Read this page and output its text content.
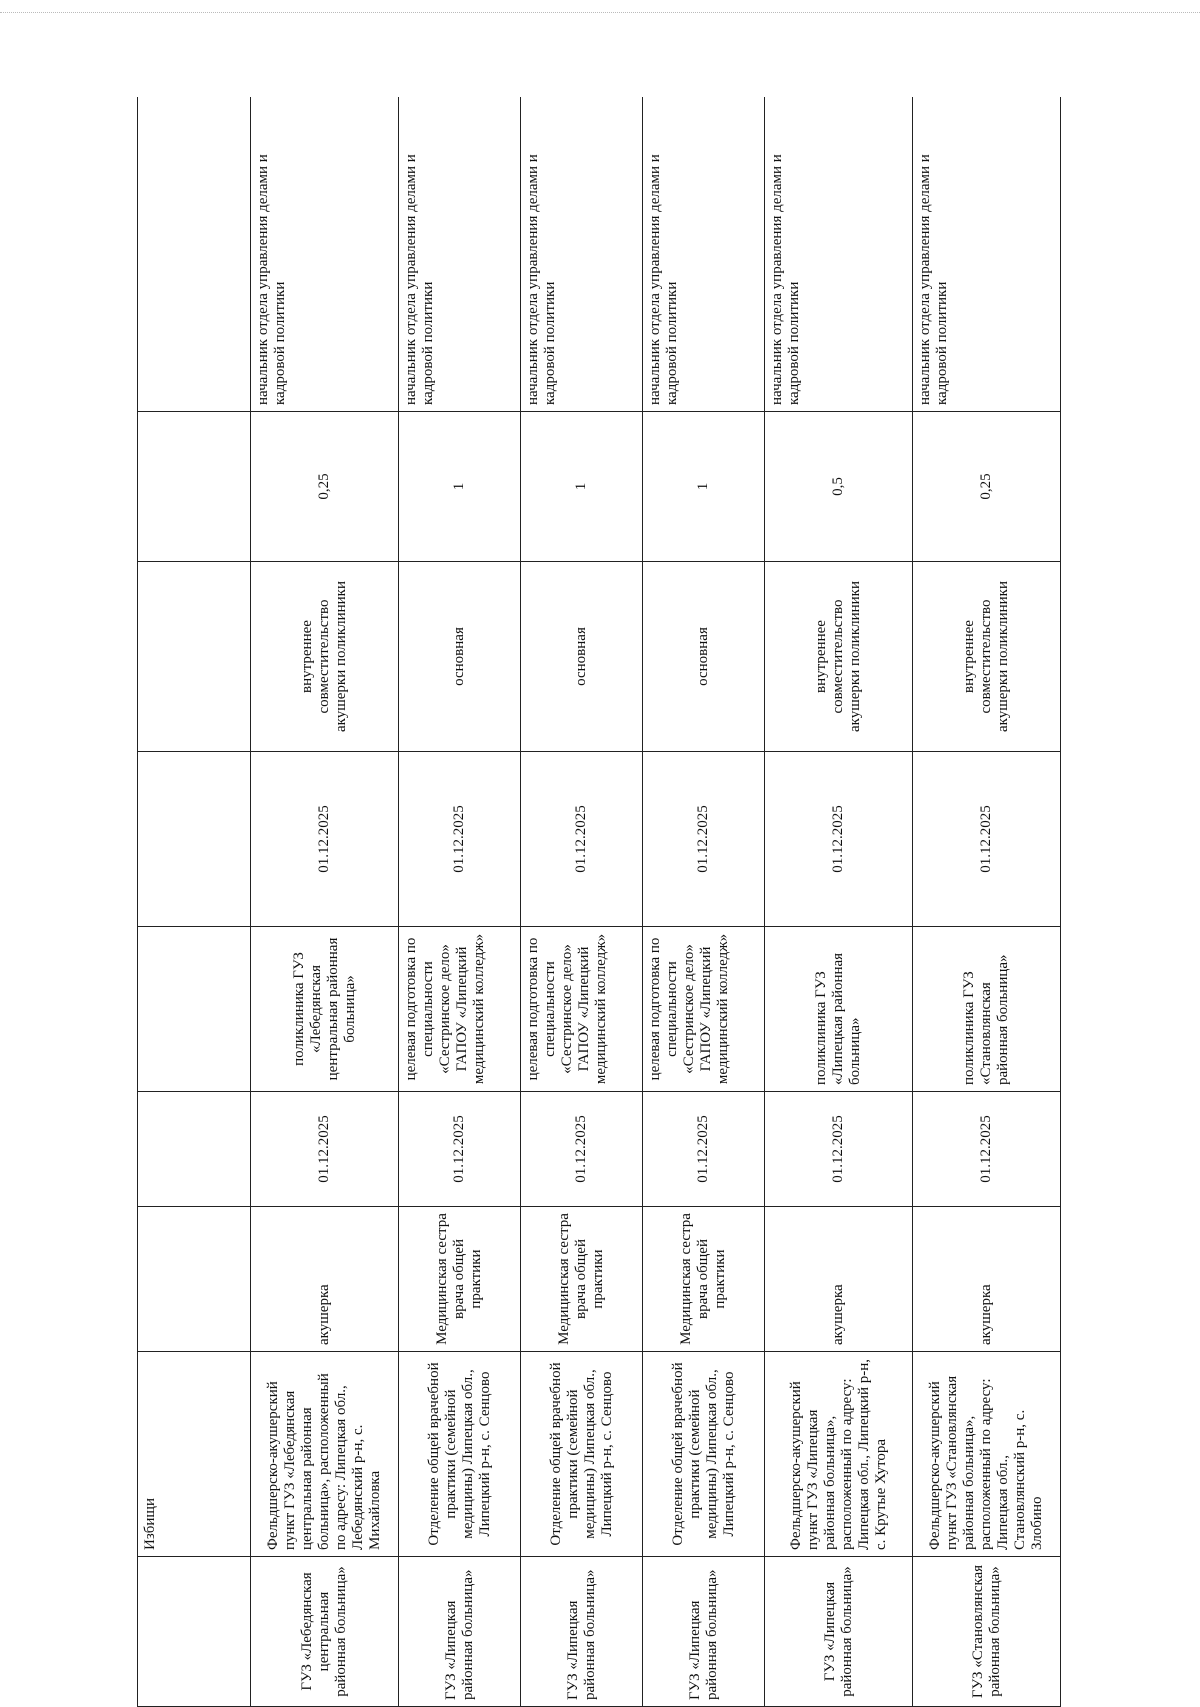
	Избищи							
ГУЗ «Лебедянская центральная районная больница»	Фельдшерско-акушерский пункт ГУЗ «Лебедянская центральная районная больница», расположенный по адресу: Липецкая обл., Лебедянский р-н, с. Михайловка	акушерка	01.12.2025	поликлиника ГУЗ «Лебедянская центральная районная больница»	01.12.2025	внутреннее совместительство акушерки поликлиники	0,25	начальник отдела управления делами и кадровой политики
ГУЗ «Липецкая районная больница»	Отделение общей врачебной практики (семейной медицины) Липецкая обл., Липецкий р-н, с. Сенцово	Медицинская сестра врача общей практики	01.12.2025	целевая подготовка по специальности «Сестринское дело» ГАПОУ «Липецкий медицинский колледж»	01.12.2025	основная	1	начальник отдела управления делами и кадровой политики
ГУЗ «Липецкая районная больница»	Отделение общей врачебной практики (семейной медицины) Липецкая обл., Липецкий р-н, с. Сенцово	Медицинская сестра врача общей практики	01.12.2025	целевая подготовка по специальности «Сестринское дело» ГАПОУ «Липецкий медицинский колледж»	01.12.2025	основная	1	начальник отдела управления делами и кадровой политики
ГУЗ «Липецкая районная больница»	Отделение общей врачебной практики (семейной медицины) Липецкая обл., Липецкий р-н, с. Сенцово	Медицинская сестра врача общей практики	01.12.2025	целевая подготовка по специальности «Сестринское дело» ГАПОУ «Липецкий медицинский колледж»	01.12.2025	основная	1	начальник отдела управления делами и кадровой политики
ГУЗ «Липецкая районная больница»	Фельдшерско-акушерский пункт ГУЗ «Липецкая районная больница», расположенный по адресу: Липецкая обл., Липецкий р-н, с. Крутые Хутора	акушерка	01.12.2025	поликлиника ГУЗ «Липецкая районная больница»	01.12.2025	внутреннее совместительство акушерки поликлиники	0,5	начальник отдела управления делами и кадровой политики
ГУЗ «Становлянская районная больница»	Фельдшерско-акушерский пункт ГУЗ «Становлянская районная больница», расположенный по адресу: Липецкая обл., Становлянский р-н, с. Злобино	акушерка	01.12.2025	поликлиника ГУЗ «Становлянская районная больница»	01.12.2025	внутреннее совместительство акушерки поликлиники	0,25	начальник отдела управления делами и кадровой политики
